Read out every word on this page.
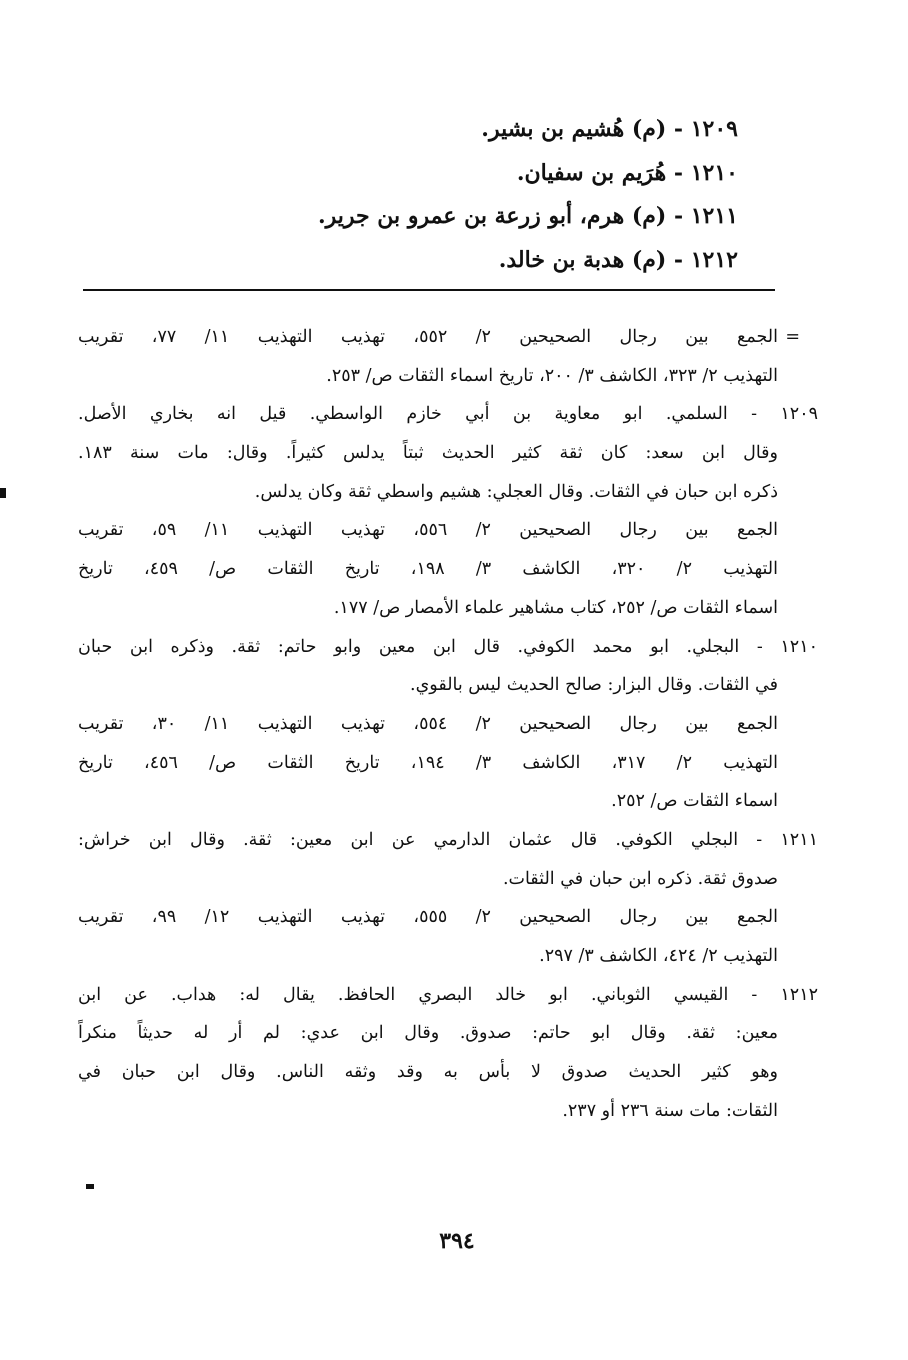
١٢٠٩ - (م) هُشيم بن بشير.
١٢١٠ - هُرَيم بن سفيان.
١٢١١ - (م) هرم، أبو زرعة بن عمرو بن جرير.
١٢١٢ - (م) هدبة بن خالد.
=
الجمع بين رجال الصحيحين ٢/ ٥٥٢، تهذيب التهذيب ١١/ ٧٧، تقريب
التهذيب ٢/ ٣٢٣، الكاشف ٣/ ٢٠٠، تاريخ اسماء الثقات ص/ ٢٥٣.
١٢٠٩ - السلمي. ابو معاوية بن أبي خازم الواسطي. قيل انه بخاري الأصل.
وقال ابن سعد: كان ثقة كثير الحديث ثبتاً يدلس كثيراً. وقال: مات سنة ١٨٣.
ذكره ابن حبان في الثقات. وقال العجلي: هشيم واسطي ثقة وكان يدلس.
الجمع بين رجال الصحيحين ٢/ ٥٥٦، تهذيب التهذيب ١١/ ٥٩، تقريب
التهذيب ٢/ ٣٢٠، الكاشف ٣/ ١٩٨، تاريخ الثقات ص/ ٤٥٩، تاريخ
اسماء الثقات ص/ ٢٥٢، كتاب مشاهير علماء الأمصار ص/ ١٧٧.
١٢١٠ - البجلي. ابو محمد الكوفي. قال ابن معين وابو حاتم: ثقة. وذكره ابن حبان
في الثقات. وقال البزار: صالح الحديث ليس بالقوي.
الجمع بين رجال الصحيحين ٢/ ٥٥٤، تهذيب التهذيب ١١/ ٣٠، تقريب
التهذيب ٢/ ٣١٧، الكاشف ٣/ ١٩٤، تاريخ الثقات ص/ ٤٥٦، تاريخ
اسماء الثقات ص/ ٢٥٢.
١٢١١ - البجلي الكوفي. قال عثمان الدارمي عن ابن معين: ثقة. وقال ابن خراش:
صدوق ثقة. ذكره ابن حبان في الثقات.
الجمع بين رجال الصحيحين ٢/ ٥٥٥، تهذيب التهذيب ١٢/ ٩٩، تقريب
التهذيب ٢/ ٤٢٤، الكاشف ٣/ ٢٩٧.
١٢١٢ - القيسي الثوباني. ابو خالد البصري الحافظ. يقال له: هداب. عن ابن
معين: ثقة. وقال ابو حاتم: صدوق. وقال ابن عدي: لم أر له حديثاً منكراً
وهو كثير الحديث صدوق لا بأس به وقد وثقه الناس. وقال ابن حبان في
الثقات: مات سنة ٢٣٦ أو ٢٣٧.
٣٩٤
